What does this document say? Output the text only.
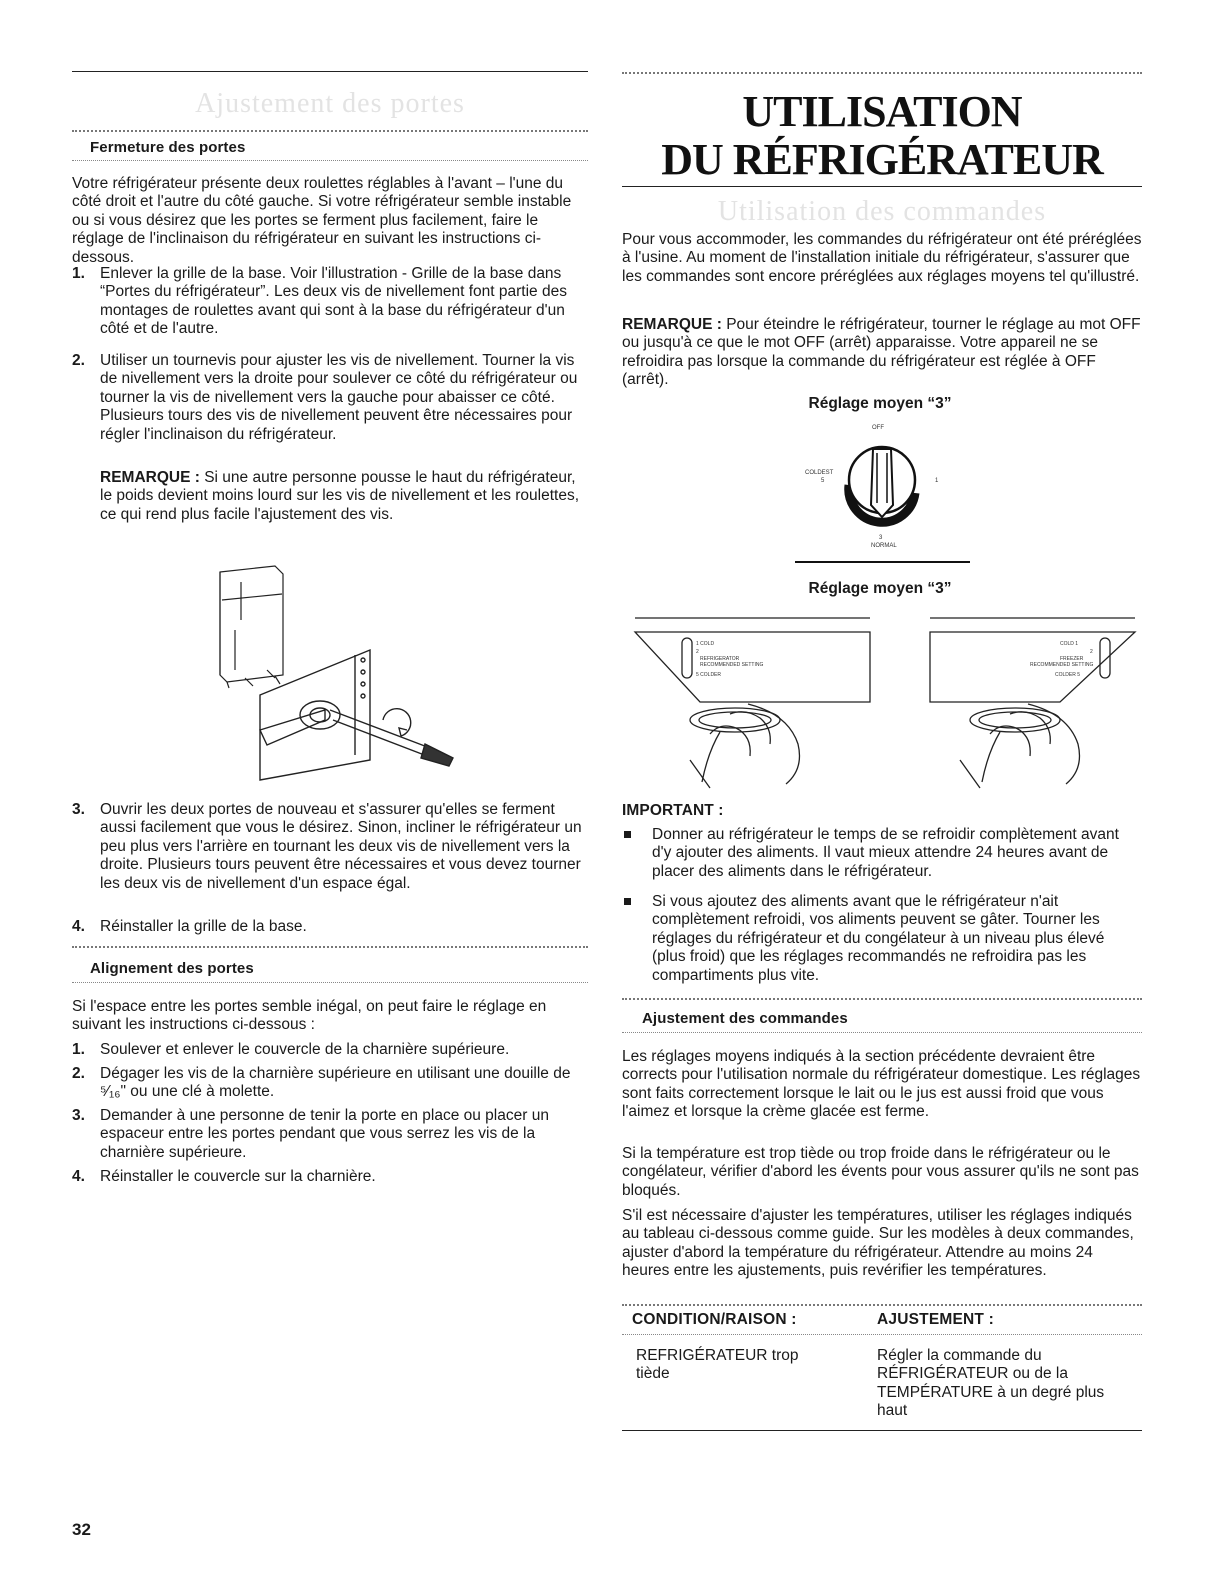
Ajustement des portes
Fermeture des portes
Votre réfrigérateur présente deux roulettes réglables à l'avant – l'une du côté droit et l'autre du côté gauche. Si votre réfrigérateur semble instable ou si vous désirez que les portes se ferment plus facilement, faire le réglage de l'inclinaison du réfrigérateur en suivant les instructions ci-dessous.
1. Enlever la grille de la base. Voir l'illustration - Grille de la base dans “Portes du réfrigérateur”. Les deux vis de nivellement font partie des montages de roulettes avant qui sont à la base du réfrigérateur d'un côté et de l'autre.
2. Utiliser un tournevis pour ajuster les vis de nivellement. Tourner la vis de nivellement vers la droite pour soulever ce côté du réfrigérateur ou tourner la vis de nivellement vers la gauche pour abaisser ce côté. Plusieurs tours des vis de nivellement peuvent être nécessaires pour régler l'inclinaison du réfrigérateur.
REMARQUE : Si une autre personne pousse le haut du réfrigérateur, le poids devient moins lourd sur les vis de nivellement et les roulettes, ce qui rend plus facile l'ajustement des vis.
3. Ouvrir les deux portes de nouveau et s'assurer qu'elles se ferment aussi facilement que vous le désirez. Sinon, incliner le réfrigérateur un peu plus vers l'arrière en tournant les deux vis de nivellement vers la droite. Plusieurs tours peuvent être nécessaires et vous devez tourner les deux vis de nivellement d'un espace égal.
4. Réinstaller la grille de la base.
Alignement des portes
Si l'espace entre les portes semble inégal, on peut faire le réglage en suivant les instructions ci-dessous :
1. Soulever et enlever le couvercle de la charnière supérieure.
2. Dégager les vis de la charnière supérieure en utilisant une douille de ⁵⁄₁₆" ou une clé à molette.
3. Demander à une personne de tenir la porte en place ou placer un espaceur entre les portes pendant que vous serrez les vis de la charnière supérieure.
4. Réinstaller le couvercle sur la charnière.
UTILISATION
DU RÉFRIGÉRATEUR
Utilisation des commandes
Pour vous accommoder, les commandes du réfrigérateur ont été préréglées à l'usine. Au moment de l'installation initiale du réfrigérateur, s'assurer que les commandes sont encore préréglées aux réglages moyens tel qu'illustré.
REMARQUE : Pour éteindre le réfrigérateur, tourner le réglage au mot OFF ou jusqu'à ce que le mot OFF (arrêt) apparaisse. Votre appareil ne se refroidira pas lorsque la commande du réfrigérateur est réglée à OFF (arrêt).
Réglage moyen “3”
OFF
COLDEST
5	1
3
NORMAL
Réglage moyen “3”
1 COLD
2
REFRIGERATOR
RECOMMENDED SETTING
5 COLDER
COLD 1
2
FREEZER
RECOMMENDED SETTING
COLDER 5
IMPORTANT :
Donner au réfrigérateur le temps de se refroidir complètement avant d'y ajouter des aliments. Il vaut mieux attendre 24 heures avant de placer des aliments dans le réfrigérateur.
Si vous ajoutez des aliments avant que le réfrigérateur n'ait complètement refroidi, vos aliments peuvent se gâter. Tourner les réglages du réfrigérateur et du congélateur à un niveau plus élevé (plus froid) que les réglages recommandés ne refroidira pas les compartiments plus vite.
Ajustement des commandes
Les réglages moyens indiqués à la section précédente devraient être corrects pour l'utilisation normale du réfrigérateur domestique. Les réglages sont faits correctement lorsque le lait ou le jus est aussi froid que vous l'aimez et lorsque la crème glacée est ferme.
Si la température est trop tiède ou trop froide dans le réfrigérateur ou le congélateur, vérifier d'abord les évents pour vous assurer qu'ils ne sont pas bloqués.
S'il est nécessaire d'ajuster les températures, utiliser les réglages indiqués au tableau ci-dessous comme guide. Sur les modèles à deux commandes, ajuster d'abord la température du réfrigérateur. Attendre au moins 24 heures entre les ajustements, puis revérifier les températures.
CONDITION/RAISON :	AJUSTEMENT :
REFRIGÉRATEUR trop tiède
Régler la commande du RÉFRIGÉRATEUR ou de la TEMPÉRATURE à un degré plus haut
32
